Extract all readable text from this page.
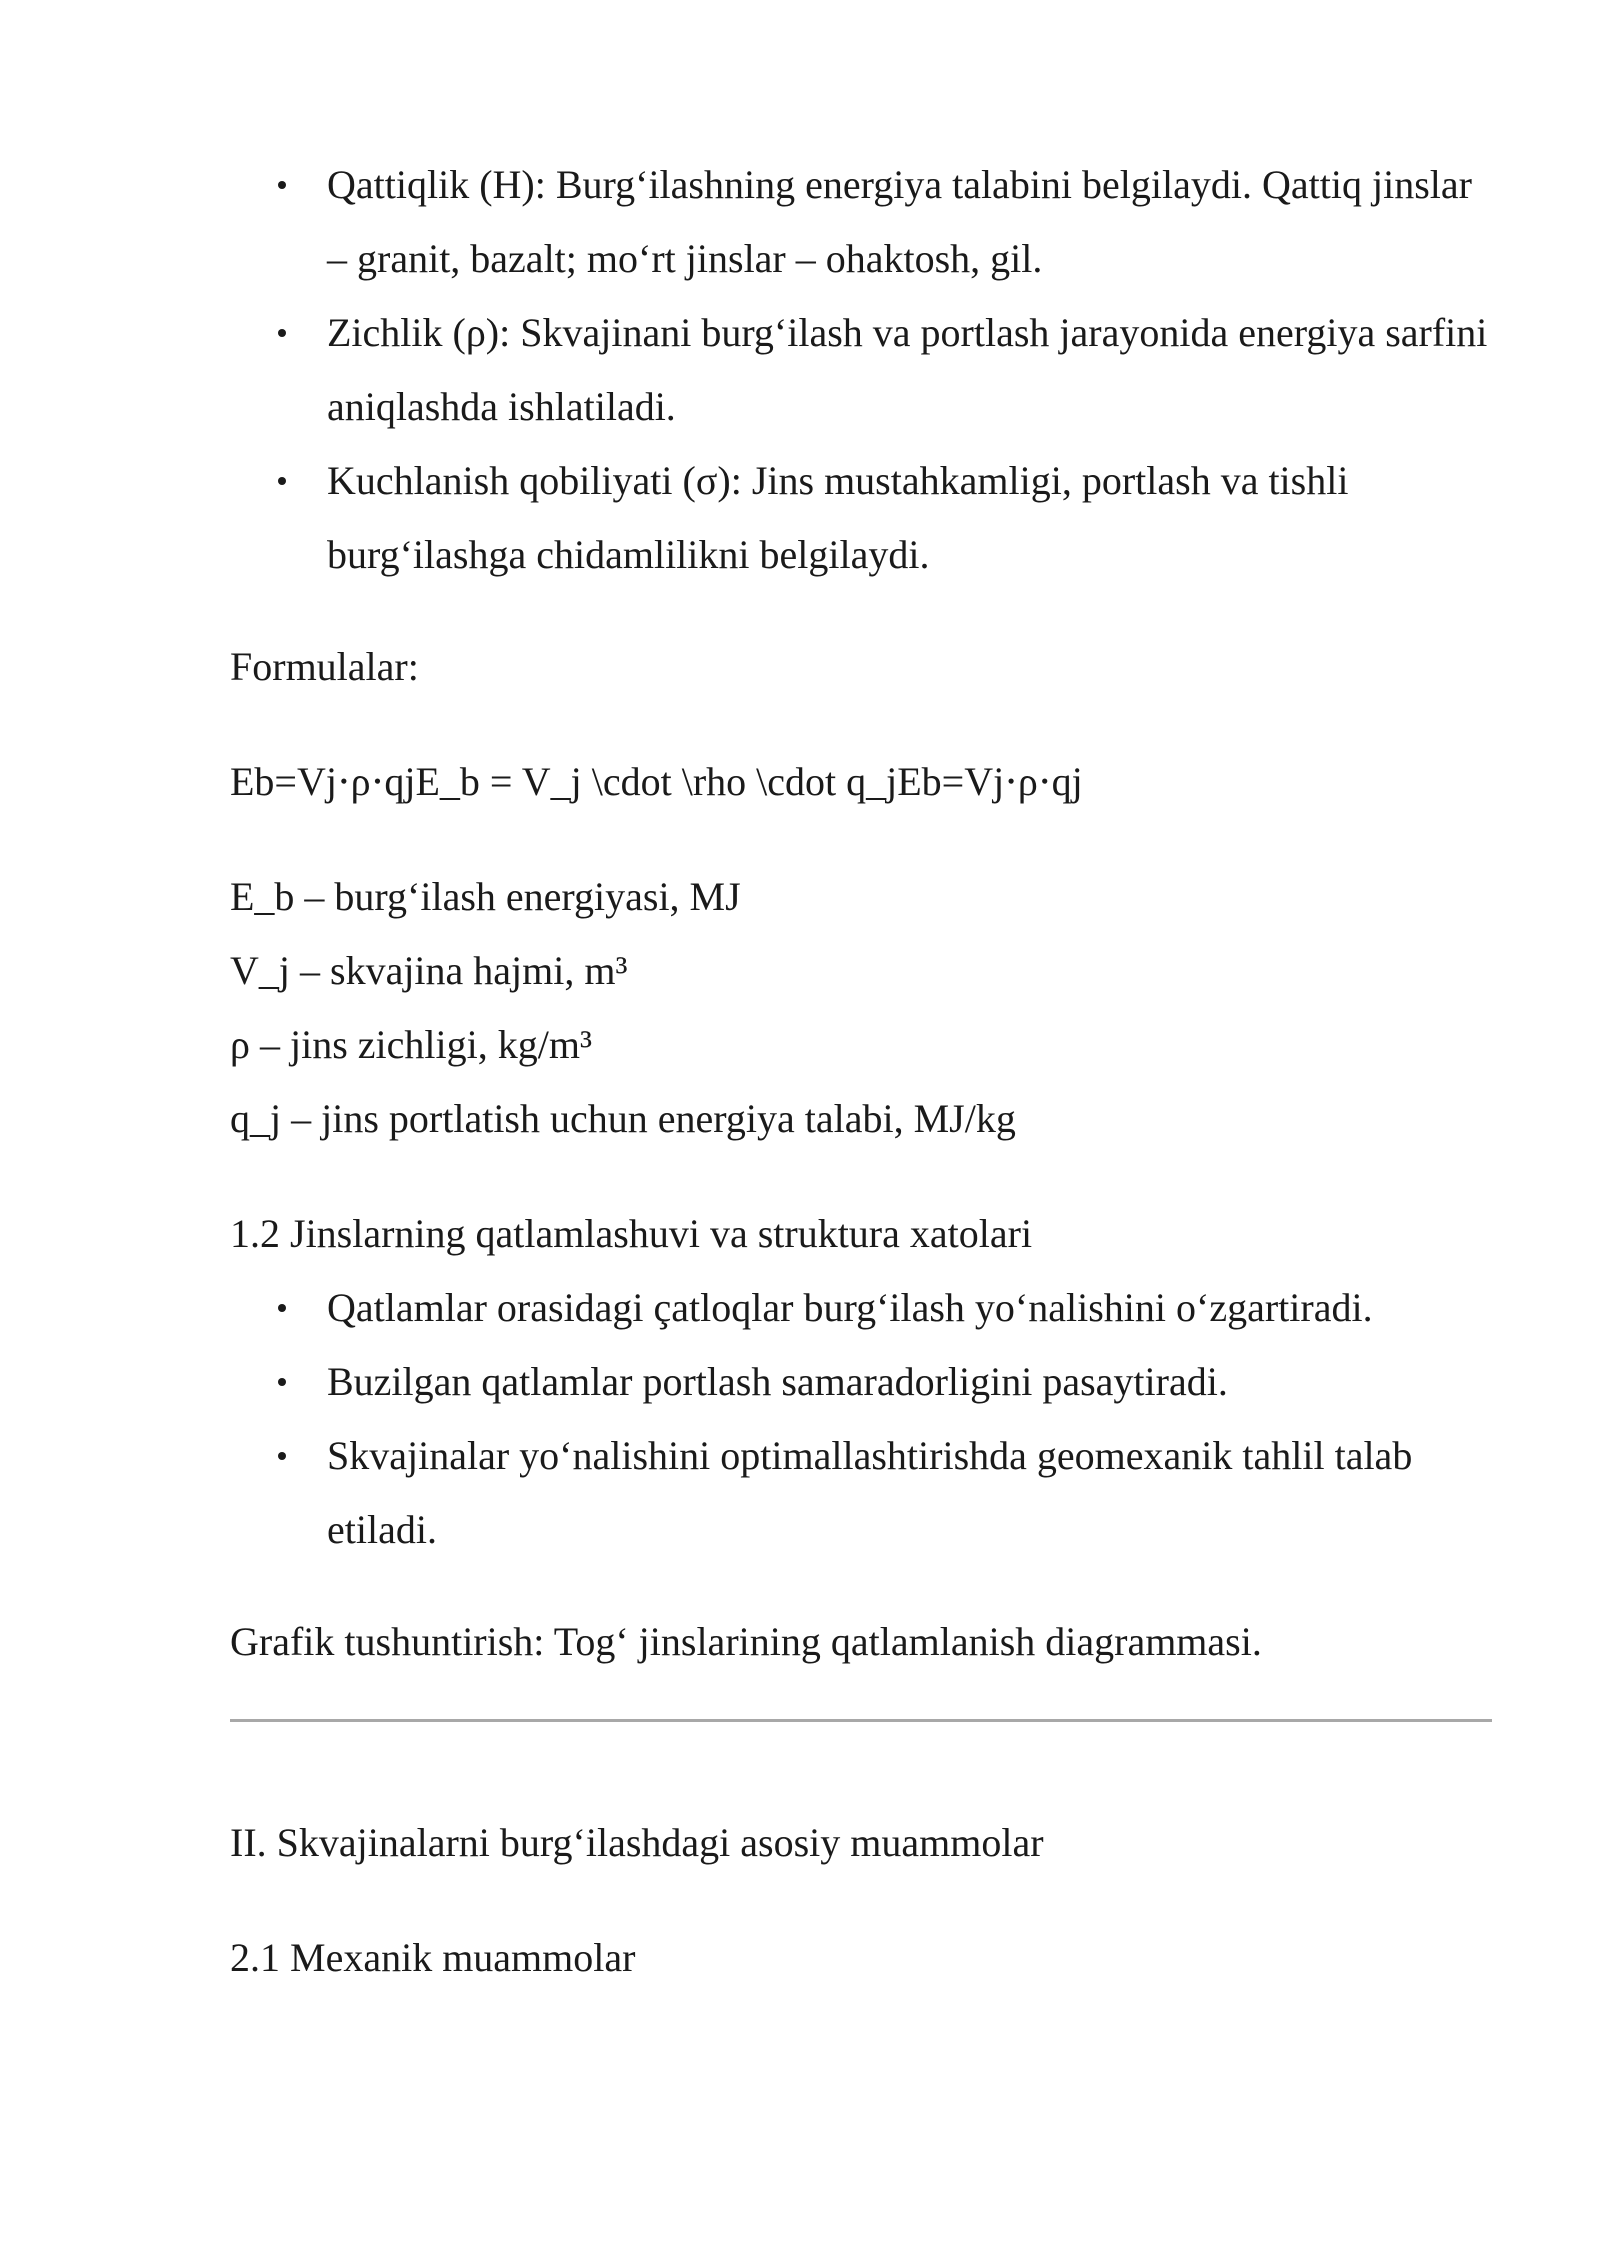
Qattiqlik (H): Burg‘ilashning energiya talabini belgilaydi. Qattiq jinslar – granit, bazalt; mo‘rt jinslar – ohaktosh, gil.
Zichlik (ρ): Skvajinani burg‘ilash va portlash jarayonida energiya sarfini aniqlashda ishlatiladi.
Kuchlanish qobiliyati (σ): Jins mustahkamligi, portlash va tishli burg‘ilashga chidamlilikni belgilaydi.

Formulalar:

Eb=Vj⋅ρ⋅qjE_b = V_j \cdot \rho \cdot q_jEb=Vj⋅ρ⋅qj

E_b – burg‘ilash energiyasi, MJ

V_j – skvajina hajmi, m³

ρ – jins zichligi, kg/m³

q_j – jins portlatish uchun energiya talabi, MJ/kg

1.2 Jinslarning qatlamlashuvi va struktura xatolari

Qatlamlar orasidagi çatloqlar burg‘ilash yo‘nalishini o‘zgartiradi.
Buzilgan qatlamlar portlash samaradorligini pasaytiradi.
Skvajinalar yo‘nalishini optimallashtirishda geomexanik tahlil talab etiladi.

Grafik tushuntirish: Tog‘ jinslarining qatlamlanish diagrammasi.

II. Skvajinalarni burg‘ilashdagi asosiy muammolar

2.1 Mexanik muammolar
